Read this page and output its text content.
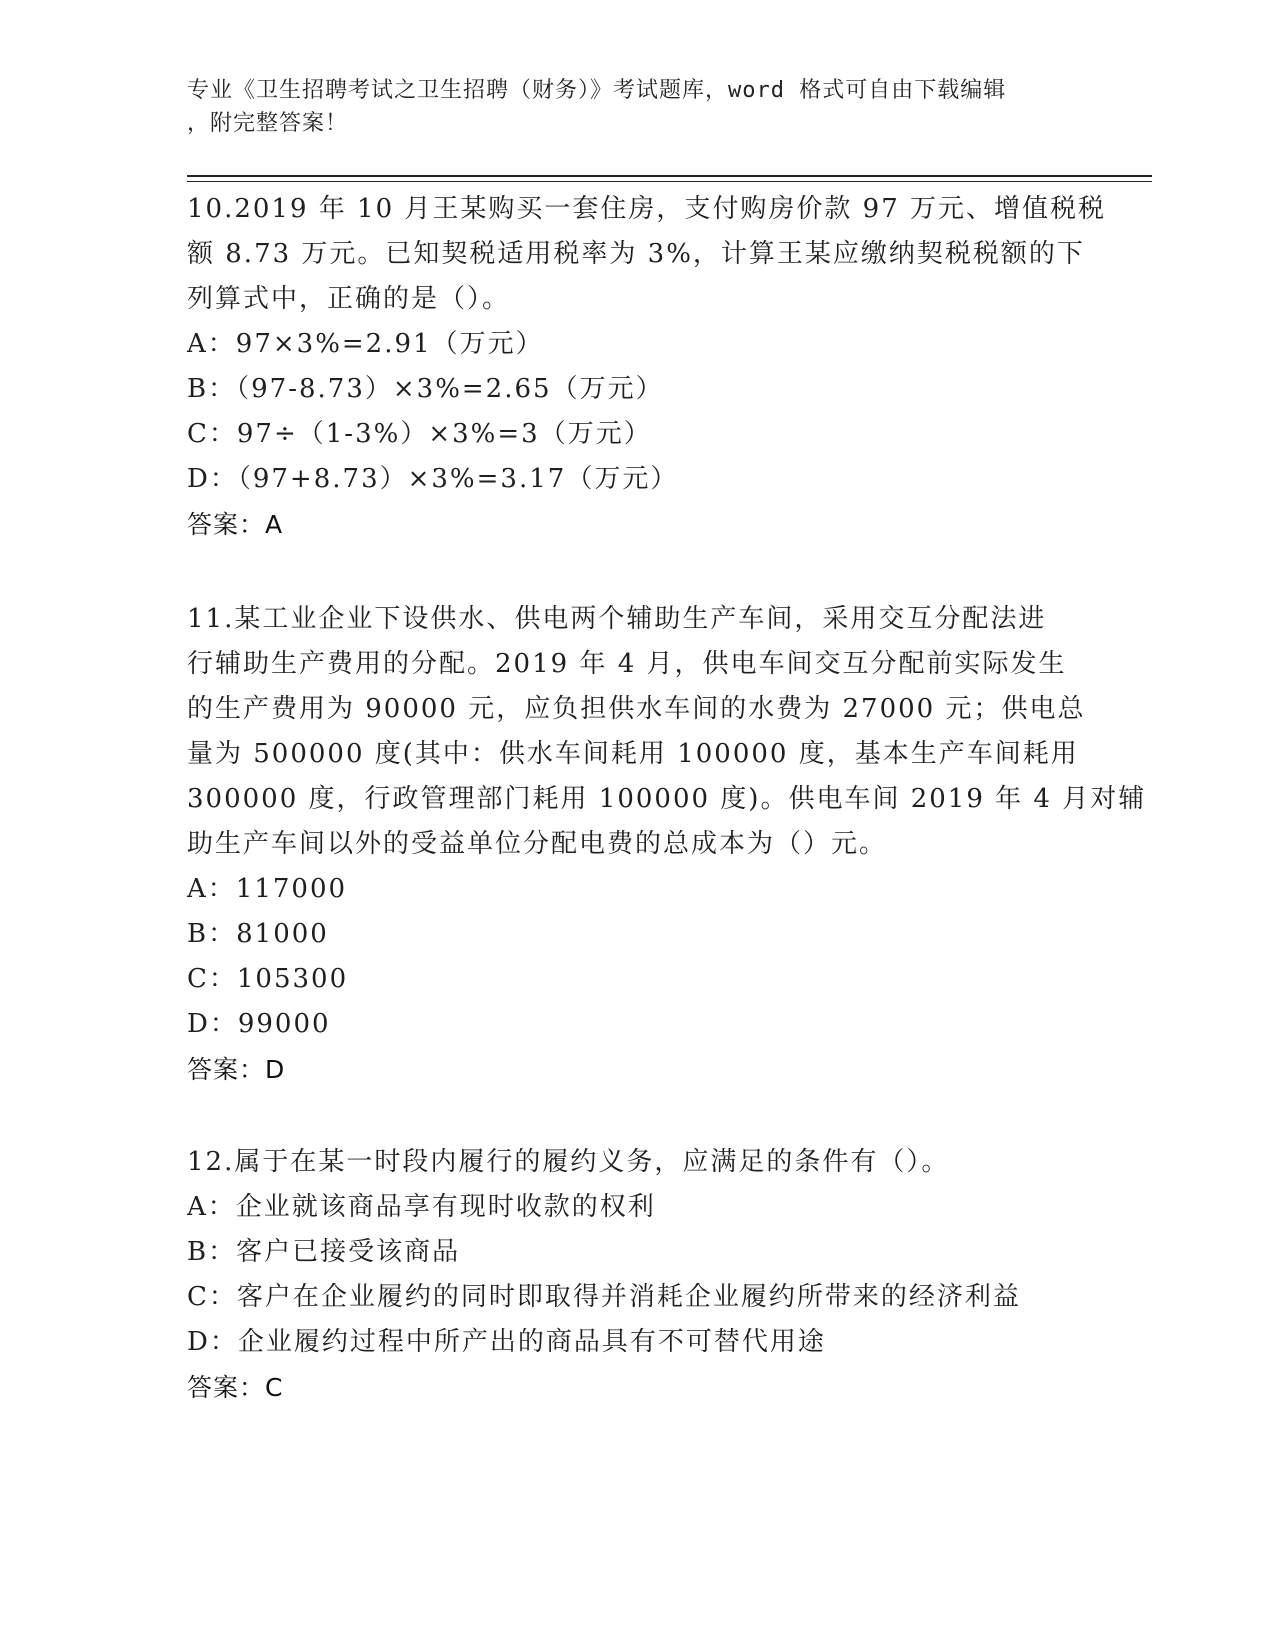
专业《卫生招聘考试之卫生招聘（财务）》考试题库，word 格式可自由下载编辑
，附完整答案！
10.2019 年 10 月王某购买一套住房，支付购房价款 97 万元、增值税税
额 8.73 万元。已知契税适用税率为 3%，计算王某应缴纳契税税额的下
列算式中，正确的是（）。
A：97×3%=2.91（万元）
B：（97-8.73）×3%=2.65（万元）
C：97÷（1-3%）×3%=3（万元）
D：（97+8.73）×3%=3.17（万元）
答案：A
11.某工业企业下设供水、供电两个辅助生产车间，采用交互分配法进
行辅助生产费用的分配。2019 年 4 月，供电车间交互分配前实际发生
的生产费用为 90000 元，应负担供水车间的水费为 27000 元；供电总
量为 500000 度(其中：供水车间耗用 100000 度，基本生产车间耗用
300000 度，行政管理部门耗用 100000 度)。供电车间 2019 年 4 月对辅
助生产车间以外的受益单位分配电费的总成本为（）元。
A：117000
B：81000
C：105300
D：99000
答案：D
12.属于在某一时段内履行的履约义务，应满足的条件有（）。
A：企业就该商品享有现时收款的权利
B：客户已接受该商品
C：客户在企业履约的同时即取得并消耗企业履约所带来的经济利益
D：企业履约过程中所产出的商品具有不可替代用途
答案：C
